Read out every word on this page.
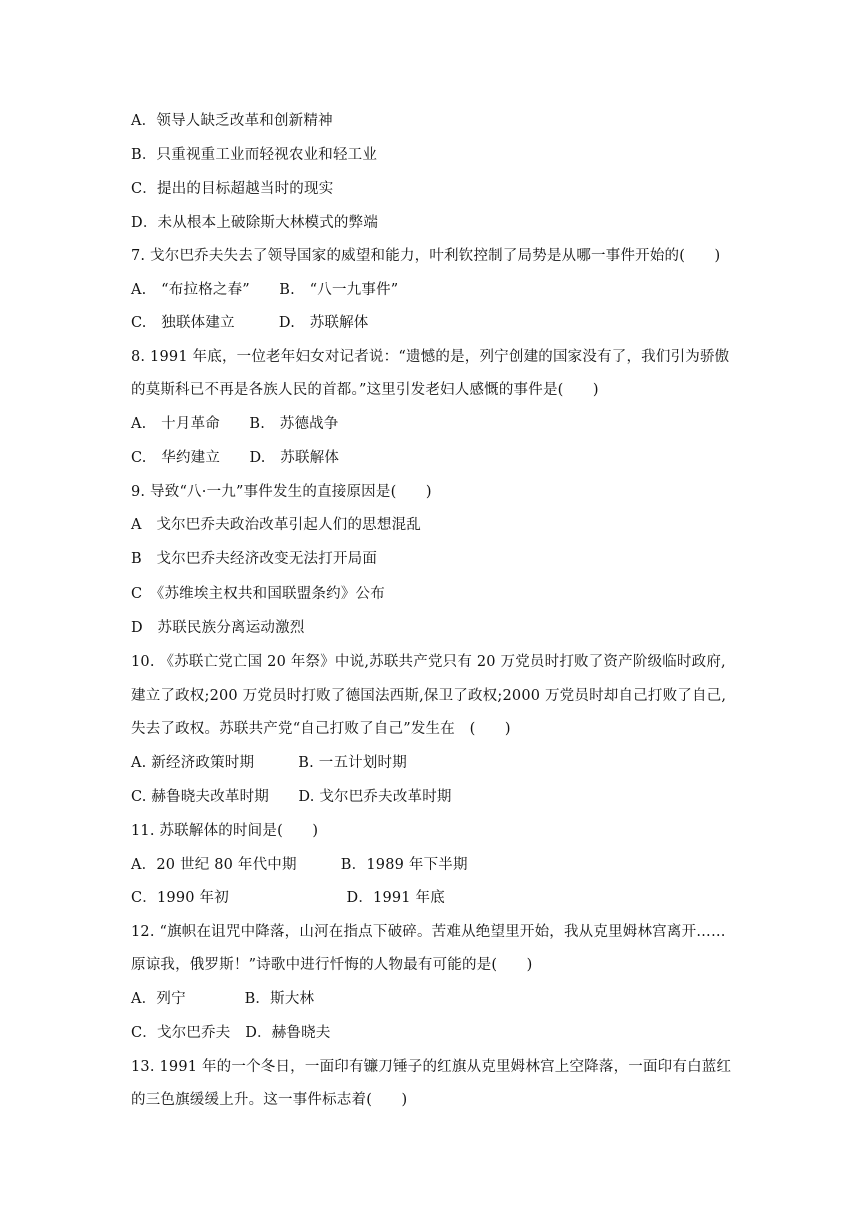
A．领导人缺乏改革和创新精神
B．只重视重工业而轻视农业和轻工业
C．提出的目标超越当时的现实
D．未从根本上破除斯大林模式的弊端
7. 戈尔巴乔夫失去了领导国家的威望和能力，叶利钦控制了局势是从哪一事件开始的(　　)
A.　“布拉格之春”　　B.　“八一九事件”
C.　独联体建立　　　D.　苏联解体
8. 1991 年底，一位老年妇女对记者说：“遗憾的是，列宁创建的国家没有了，我们引为骄傲
的莫斯科已不再是各族人民的首都。”这里引发老妇人感慨的事件是(　　)
A.　十月革命　　B.　苏德战争
C.　华约建立　　D.　苏联解体
9. 导致“八·一九”事件发生的直接原因是(　　)
A　戈尔巴乔夫政治改革引起人们的思想混乱
B　戈尔巴乔夫经济改变无法打开局面
C　《苏维埃主权共和国联盟条约》公布
D　苏联民族分离运动激烈
10. 《苏联亡党亡国 20 年祭》中说,苏联共产党只有 20 万党员时打败了资产阶级临时政府,
建立了政权;200 万党员时打败了德国法西斯,保卫了政权;2000 万党员时却自己打败了自己,
失去了政权。苏联共产党“自己打败了自己”发生在　(　　)
A. 新经济政策时期　　　B. 一五计划时期
C. 赫鲁晓夫改革时期　　D. 戈尔巴乔夫改革时期
11. 苏联解体的时间是(　　)
A．20 世纪 80 年代中期　　　B．1989 年下半期
C．1990 年初　　　　　　　　D．1991 年底
12. “旗帜在诅咒中降落，山河在指点下破碎。苦难从绝望里开始，我从克里姆林宫离开……
原谅我，俄罗斯！”诗歌中进行忏悔的人物最有可能的是(　　)
A．列宁　　　　B．斯大林
C．戈尔巴乔夫　D．赫鲁晓夫
13. 1991 年的一个冬日，一面印有镰刀锤子的红旗从克里姆林宫上空降落，一面印有白蓝红
的三色旗缓缓上升。这一事件标志着(　　)
